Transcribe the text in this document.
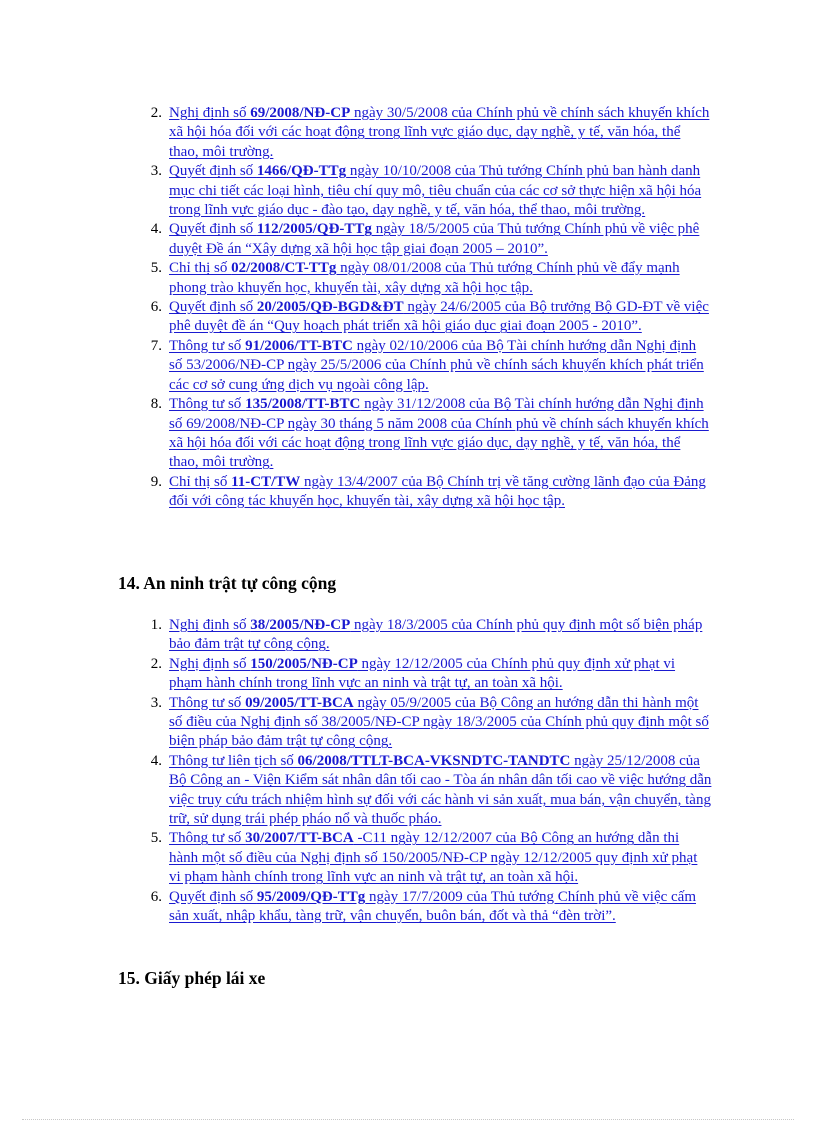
2. Nghị định số 69/2008/NĐ-CP ngày 30/5/2008 của Chính phủ về chính sách khuyến khích xã hội hóa đối với các hoạt động trong lĩnh vực giáo dục, dạy nghề, y tế, văn hóa, thể thao, môi trường.
3. Quyết định số 1466/QĐ-TTg ngày 10/10/2008 của Thủ tướng Chính phủ ban hành danh mục chi tiết các loại hình, tiêu chí quy mô, tiêu chuẩn của các cơ sở thực hiện xã hội hóa trong lĩnh vực giáo dục - đào tạo, dạy nghề, y tế, văn hóa, thể thao, môi trường.
4. Quyết định số 112/2005/QĐ-TTg ngày 18/5/2005 của Thủ tướng Chính phủ về việc phê duyệt Đề án “Xây dựng xã hội học tập giai đoạn 2005 – 2010”.
5. Chỉ thị số 02/2008/CT-TTg ngày 08/01/2008 của Thủ tướng Chính phủ về đẩy mạnh phong trào khuyến học, khuyến tài, xây dựng xã hội học tập.
6. Quyết định số 20/2005/QĐ-BGD&ĐT ngày 24/6/2005 của Bộ trưởng Bộ GD-ĐT về việc phê duyệt đề án “Quy hoạch phát triển xã hội giáo dục giai đoạn 2005 - 2010”.
7. Thông tư số 91/2006/TT-BTC ngày 02/10/2006 của Bộ Tài chính hướng dẫn Nghị định số 53/2006/NĐ-CP ngày 25/5/2006 của Chính phủ về chính sách khuyến khích phát triển các cơ sở cung ứng dịch vụ ngoài công lập.
8. Thông tư số 135/2008/TT-BTC ngày 31/12/2008 của Bộ Tài chính hướng dẫn Nghị định số 69/2008/NĐ-CP ngày 30 tháng 5 năm 2008 của Chính phủ về chính sách khuyến khích xã hội hóa đối với các hoạt động trong lĩnh vực giáo dục, dạy nghề, y tế, văn hóa, thể thao, môi trường.
9. Chỉ thị số 11-CT/TW ngày 13/4/2007 của Bộ Chính trị về tăng cường lãnh đạo của Đảng đối với công tác khuyến học, khuyến tài, xây dựng xã hội học tập.
14. An ninh trật tự công cộng
1. Nghị định số 38/2005/NĐ-CP ngày 18/3/2005 của Chính phủ quy định một số biện pháp bảo đảm trật tự công cộng.
2. Nghị định số 150/2005/NĐ-CP ngày 12/12/2005 của Chính phủ quy định xử phạt vi phạm hành chính trong lĩnh vực an ninh và trật tự, an toàn xã hội.
3. Thông tư số 09/2005/TT-BCA ngày 05/9/2005 của Bộ Công an hướng dẫn thi hành một số điều của Nghị định số 38/2005/NĐ-CP ngày 18/3/2005 của Chính phủ quy định một số biện pháp bảo đảm trật tự công cộng.
4. Thông tư liên tịch số 06/2008/TTLT-BCA-VKSNDTC-TANDTC ngày 25/12/2008 của Bộ Công an - Viện Kiểm sát nhân dân tối cao - Tòa án nhân dân tối cao về việc hướng dẫn việc truy cứu trách nhiệm hình sự đối với các hành vi sản xuất, mua bán, vận chuyển, tàng trữ, sử dụng trái phép pháo nổ và thuốc pháo.
5. Thông tư số 30/2007/TT-BCA -C11 ngày 12/12/2007 của Bộ Công an hướng dẫn thi hành một số điều của Nghị định số 150/2005/NĐ-CP ngày 12/12/2005 quy định xử phạt vi phạm hành chính trong lĩnh vực an ninh và trật tự, an toàn xã hội.
6. Quyết định số 95/2009/QĐ-TTg ngày 17/7/2009 của Thủ tướng Chính phủ về việc cấm sản xuất, nhập khẩu, tàng trữ, vận chuyển, buôn bán, đốt và thả “đèn trời”.
15. Giấy phép lái xe
